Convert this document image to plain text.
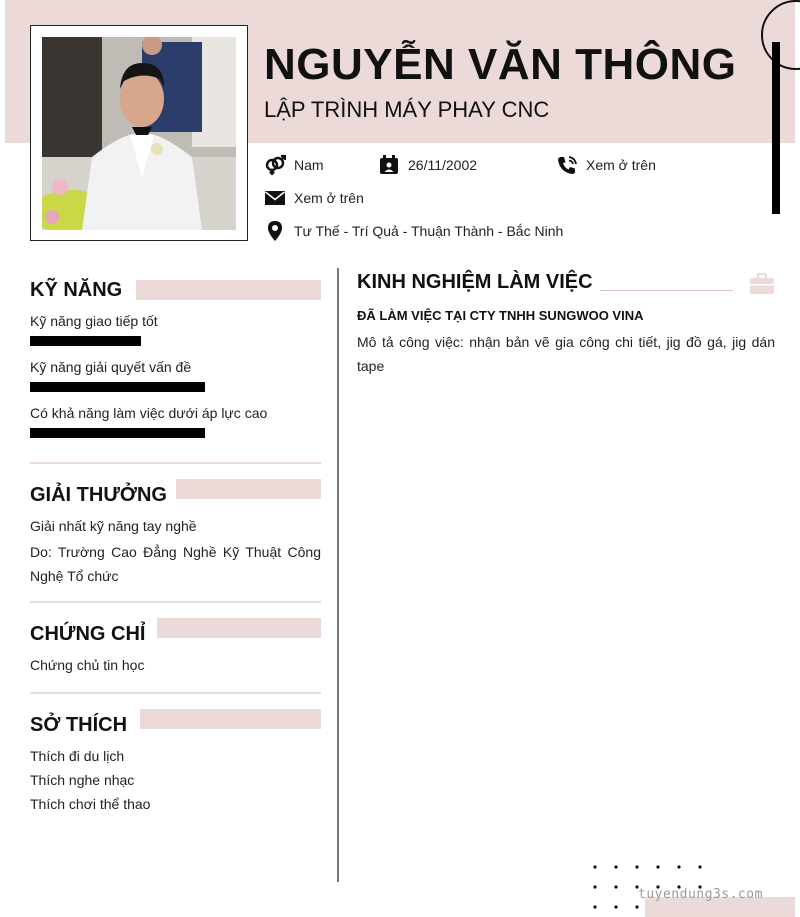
NGUYỄN VĂN THÔNG
LẬP TRÌNH MÁY PHAY CNC
Nam	26/11/2002	Xem ở trên
Xem ở trên
Tư Thế - Trí Quả - Thuận Thành - Bắc Ninh
KỸ NĂNG
Kỹ năng giao tiếp tốt
Kỹ năng giải quyết vấn đề
Có khả năng làm việc dưới áp lực cao
GIẢI THƯỞNG
Giải nhất kỹ năng tay nghề
Do: Trường Cao Đẳng Nghề Kỹ Thuật Công Nghệ Tổ chức
CHỨNG CHỈ
Chứng chủ tin học
SỞ THÍCH
Thích đi du lịch
Thích nghe nhạc
Thích chơi thể thao
KINH NGHIỆM LÀM VIỆC
ĐÃ LÀM VIỆC TẠI CTY TNHH SUNGWOO VINA
Mô tả công việc: nhận bản vẽ gia công chi tiết, jig đồ gá, jig dán tape
tuyendung3s.com
